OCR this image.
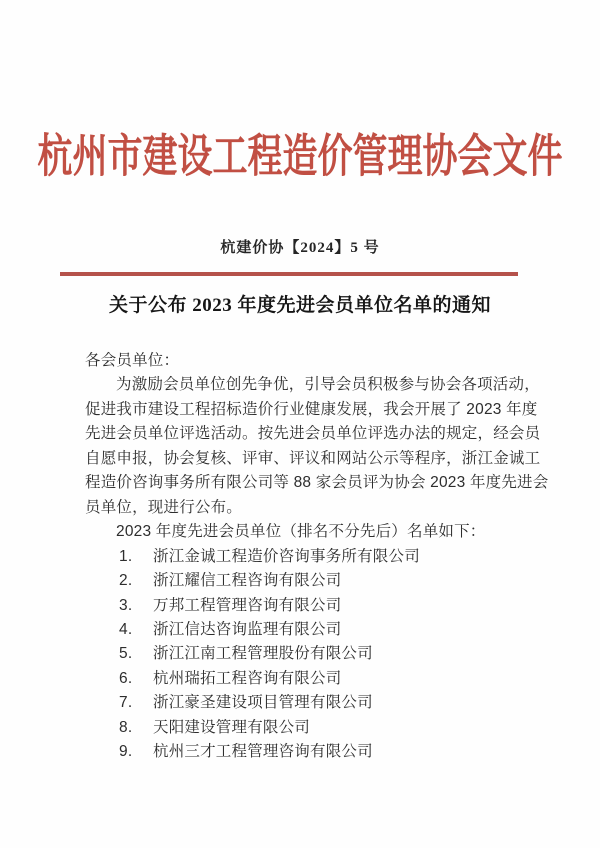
杭州市建设工程造价管理协会文件
杭建价协【2024】5 号
关于公布 2023 年度先进会员单位名单的通知
各会员单位：
为激励会员单位创先争优，引导会员积极参与协会各项活动，
促进我市建设工程招标造价行业健康发展，我会开展了 2023 年度
先进会员单位评选活动。按先进会员单位评选办法的规定，经会员
自愿申报，协会复核、评审、评议和网站公示等程序，浙江金诚工
程造价咨询事务所有限公司等 88 家会员评为协会 2023 年度先进会
员单位，现进行公布。
2023 年度先进会员单位（排名不分先后）名单如下：
1. 浙江金诚工程造价咨询事务所有限公司
2. 浙江耀信工程咨询有限公司
3. 万邦工程管理咨询有限公司
4. 浙江信达咨询监理有限公司
5. 浙江江南工程管理股份有限公司
6. 杭州瑞拓工程咨询有限公司
7. 浙江豪圣建设项目管理有限公司
8. 天阳建设管理有限公司
9. 杭州三才工程管理咨询有限公司
